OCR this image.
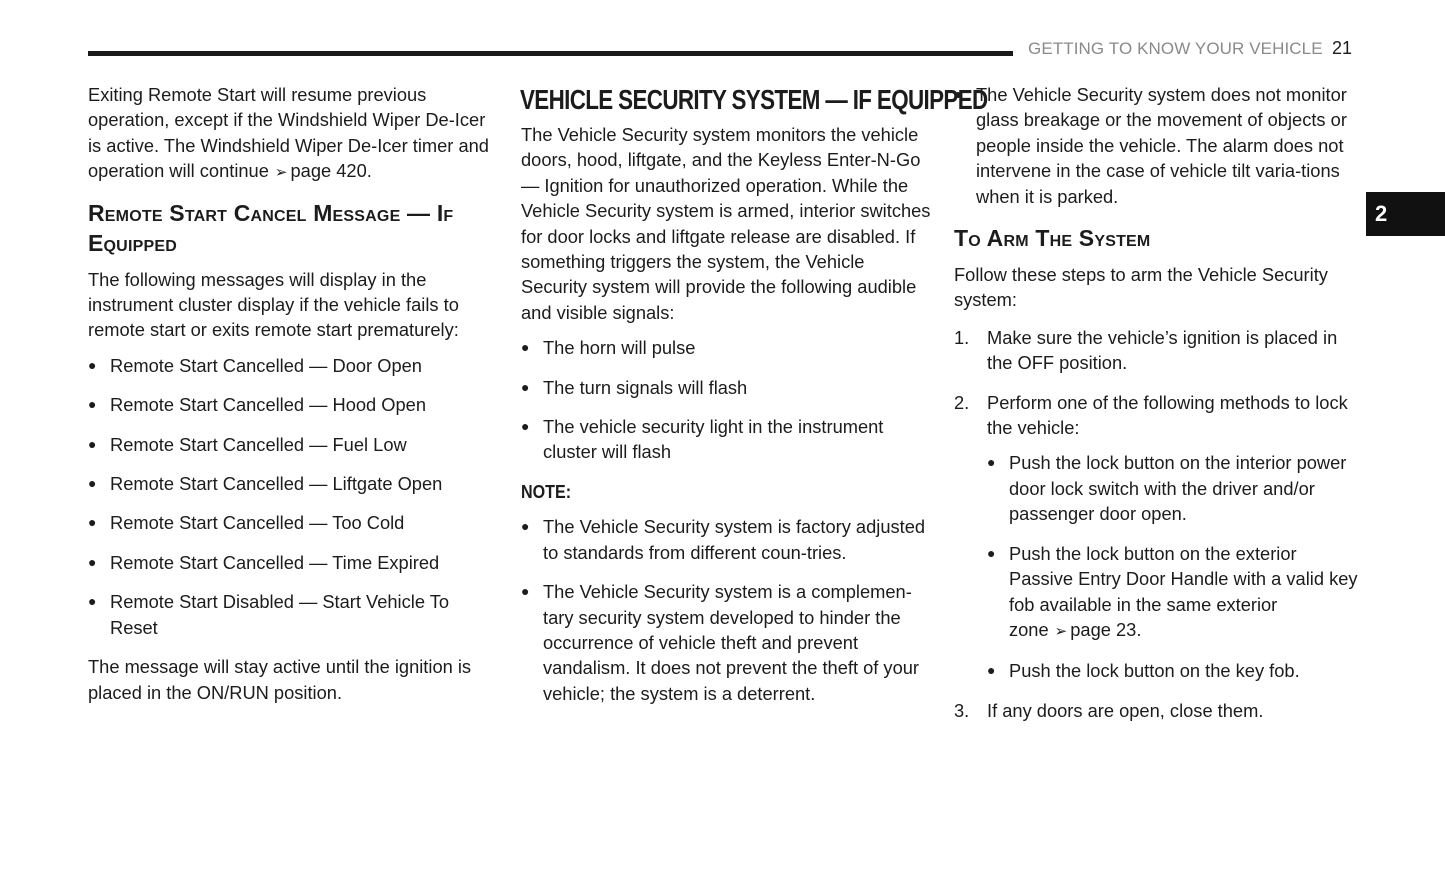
GETTING TO KNOW YOUR VEHICLE 21
2

Exiting Remote Start will resume previous operation, except if the Windshield Wiper De-Icer is active. The Windshield Wiper De-Icer timer and operation will continue ➢ page 420.

Remote Start Cancel Message — If Equipped

The following messages will display in the instrument cluster display if the vehicle fails to remote start or exits remote start prematurely:

● Remote Start Cancelled — Door Open
● Remote Start Cancelled — Hood Open
● Remote Start Cancelled — Fuel Low
● Remote Start Cancelled — Liftgate Open
● Remote Start Cancelled — Too Cold
● Remote Start Cancelled — Time Expired
● Remote Start Disabled — Start Vehicle To Reset

The message will stay active until the ignition is placed in the ON/RUN position.

VEHICLE SECURITY SYSTEM — IF EQUIPPED

The Vehicle Security system monitors the vehicle doors, hood, liftgate, and the Keyless Enter-N-Go — Ignition for unauthorized operation. While the Vehicle Security system is armed, interior switches for door locks and liftgate release are disabled. If something triggers the system, the Vehicle Security system will provide the following audible and visible signals:

● The horn will pulse
● The turn signals will flash
● The vehicle security light in the instrument cluster will flash
NOTE:
● The Vehicle Security system is factory adjusted to standards from different coun-tries.
● The Vehicle Security system is a complemen-tary security system developed to hinder the occurrence of vehicle theft and prevent vandalism. It does not prevent the theft of your vehicle; the system is a deterrent.
● The Vehicle Security system does not monitor glass breakage or the movement of objects or people inside the vehicle. The alarm does not intervene in the case of vehicle tilt varia-tions when it is parked.
To Arm The System

Follow these steps to arm the Vehicle Security system:

1. Make sure the vehicle’s ignition is placed in the OFF position.
2. Perform one of the following methods to lock the vehicle:
● Push the lock button on the interior power door lock switch with the driver and/or passenger door open.
● Push the lock button on the exterior Passive Entry Door Handle with a valid key fob available in the same exterior zone ➢ page 23.
● Push the lock button on the key fob.
3. If any doors are open, close them.
